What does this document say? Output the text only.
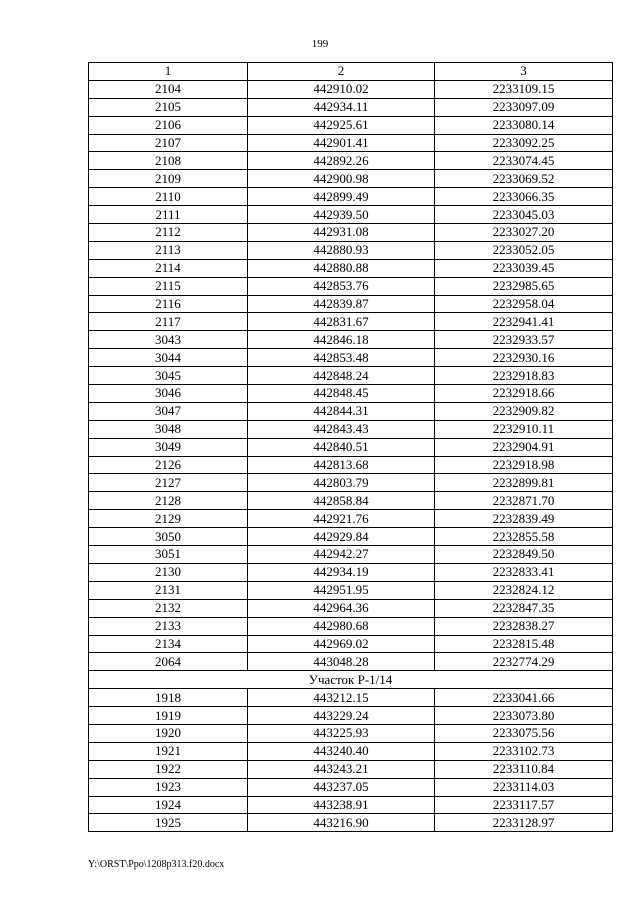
199
1	2	3
2104	442910.02	2233109.15
2105	442934.11	2233097.09
2106	442925.61	2233080.14
2107	442901.41	2233092.25
2108	442892.26	2233074.45
2109	442900.98	2233069.52
2110	442899.49	2233066.35
2111	442939.50	2233045.03
2112	442931.08	2233027.20
2113	442880.93	2233052.05
2114	442880.88	2233039.45
2115	442853.76	2232985.65
2116	442839.87	2232958.04
2117	442831.67	2232941.41
3043	442846.18	2232933.57
3044	442853.48	2232930.16
3045	442848.24	2232918.83
3046	442848.45	2232918.66
3047	442844.31	2232909.82
3048	442843.43	2232910.11
3049	442840.51	2232904.91
2126	442813.68	2232918.98
2127	442803.79	2232899.81
2128	442858.84	2232871.70
2129	442921.76	2232839.49
3050	442929.84	2232855.58
3051	442942.27	2232849.50
2130	442934.19	2232833.41
2131	442951.95	2232824.12
2132	442964.36	2232847.35
2133	442980.68	2232838.27
2134	442969.02	2232815.48
2064	443048.28	2232774.29
Участок Р-1/14		
1918	443212.15	2233041.66
1919	443229.24	2233073.80
1920	443225.93	2233075.56
1921	443240.40	2233102.73
1922	443243.21	2233110.84
1923	443237.05	2233114.03
1924	443238.91	2233117.57
1925	443216.90	2233128.97
Y:\ORST\Ppo\1208p313.f20.docx
